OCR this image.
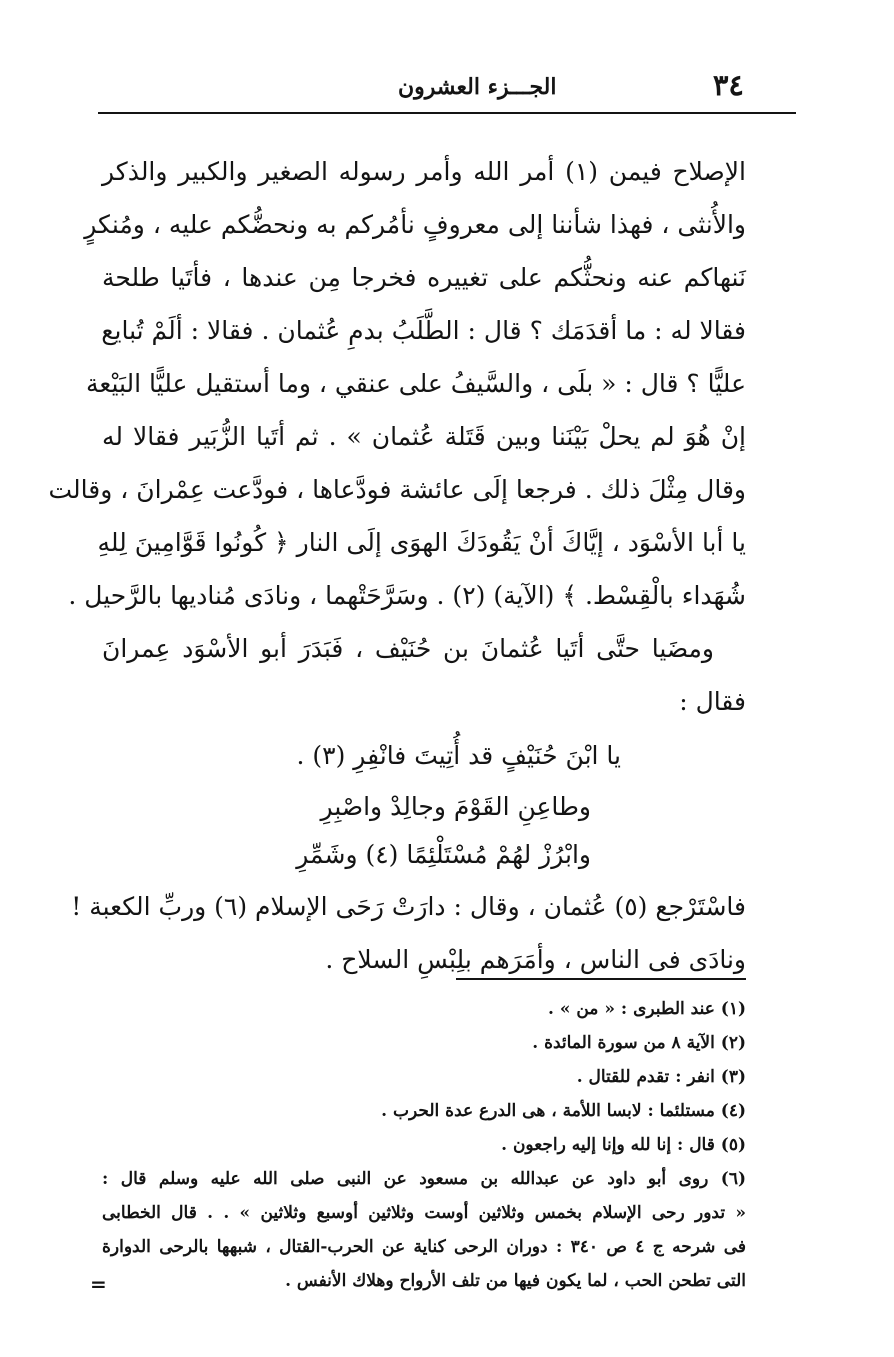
٣٤
الجـــزء العشرون
الإصلاح فيمن (١) أمر الله وأمر رسوله الصغير والكبير والذكر
والأُنثى ، فهذا شأننا إلى معروفٍ نأمُركم به ونحضُّكم عليه ، ومُنكرٍ
نَنهاكم عنه ونحثُّكم على تغييره فخرجا مِن عندها ، فأتَيا طلحة
فقالا له : ما أقدَمَك ؟ قال : الطَّلَبُ بدمِ عُثمان . فقالا : ألَمْ تُبايع
عليًّا ؟ قال : « بلَى ، والسَّيفُ على عنقي ، وما أستقيل عليًّا البَيْعة
إنْ هُوَ لم يحلْ بَيْنَنا وبين قَتَلة عُثمان » . ثم أتَيا الزُّبَير فقالا له
وقال مِثْلَ ذلك . فرجعا إلَى عائشة فودَّعاها ، فودَّعت عِمْرانَ ، وقالت
يا أبا الأسْوَد ، إيَّاكَ أنْ يَقُودَكَ الهوَى إلَى النار ﴿ كُونُوا قَوَّامِينَ لِلهِ
شُهَداء بالْقِسْط. ﴾ (الآية) (٢) . وسَرَّحَتْهما ، ونادَى مُناديها بالرَّحيل .
ومضَيا حتَّى أتَيا عُثمانَ بن حُنَيْف ، فَبَدَرَ أبو الأسْوَد عِمرانَ
فقال :
يا ابْنَ حُنَيْفٍ قد أُتِيتَ فانْفِرِ (٣) .
وطاعِنِ القَوْمَ وجالِدْ واصْبِرِ
وابْرُزْ لهُمْ مُسْتَلْئِمًا (٤) وشَمِّرِ
فاسْتَرْجع (٥) عُثمان ، وقال : دارَتْ رَحَى الإسلام (٦) وربِّ الكعبة !
ونادَى فى الناس ، وأمَرَهم بلِبْسِ السلاح .
(١) عند الطبرى : « من » .
(٢) الآية ٨ من سورة المائدة .
(٣) انفر : تقدم للقتال .
(٤) مستلئما : لابسا اللأمة ، هى الدرع عدة الحرب .
(٥) قال : إنا لله وإنا إليه راجعون .
(٦) روى أبو داود عن عبدالله بن مسعود عن النبى صلى الله عليه وسلم قال :
« تدور رحى الإسلام بخمس وثلاثين أوست وثلاثين أوسبع وثلاثين » . . قال الخطابى
فى شرحه ج ٤ ص ٣٤٠ : دوران الرحى كناية عن الحرب-القتال ، شبهها بالرحى الدوارة
التى تطحن الحب ، لما يكون فيها من تلف الأرواح وهلاك الأنفس .
=
